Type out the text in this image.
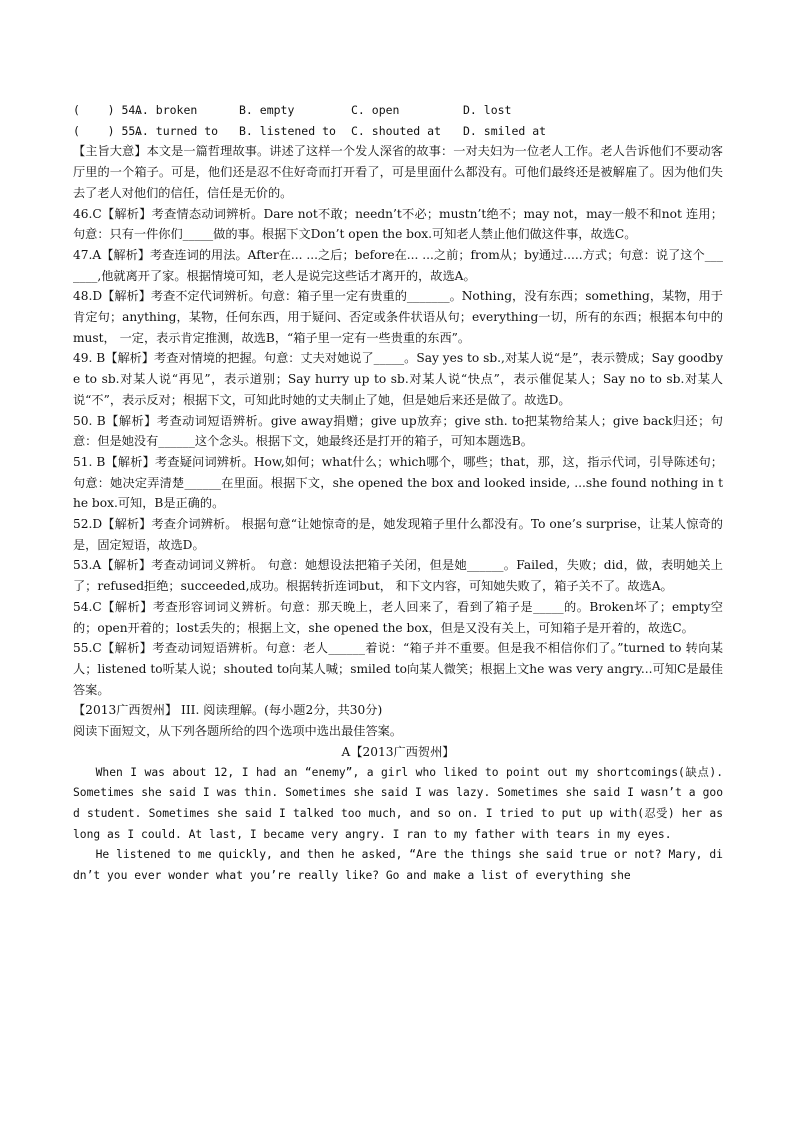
(    ) 54.
A. broken	B. empty	C. open	D. lost
(    ) 55.
A. turned to	B. listened to	C. shouted at	D. smiled at

【主旨大意】本文是一篇哲理故事。讲述了这样一个发人深省的故事：一对夫妇为一位老人工作。老人告诉他们不要动客厅里的一个箱子。可是，他们还是忍不住好奇而打开看了，可是里面什么都没有。可他们最终还是被解雇了。因为他们失去了老人对他们的信任，信任是无价的。

46.C【解析】考查情态动词辨析。Dare not不敢；needn’t不必；mustn’t绝不；may not，may一般不和not 连用；句意：只有一件你们_____做的事。根据下文Don’t open the box.可知老人禁止他们做这件事，故选C。

47.A【解析】考查连词的用法。After在... ...之后；before在... ...之前；from从；by通过.....方式；句意：说了这个_______,他就离开了家。根据情境可知，老人是说完这些话才离开的，故选A。

48.D【解析】考查不定代词辨析。句意：箱子里一定有贵重的_______。Nothing，没有东西；something，某物，用于肯定句；anything，某物，任何东西，用于疑问、否定或条件状语从句；everything一切，所有的东西；根据本句中的must， 一定，表示肯定推测，故选B，“箱子里一定有一些贵重的东西”。

49. B【解析】考查对情境的把握。句意：丈夫对她说了_____。Say yes to sb.,对某人说“是”，表示赞成；Say goodbye to sb.对某人说“再见”，表示道别；Say hurry up to sb.对某人说“快点”，表示催促某人；Say no to sb.对某人说“不”，表示反对；根据下文，可知此时她的丈夫制止了她，但是她后来还是做了。故选D。

50. B【解析】考查动词短语辨析。give away捐赠；give up放弃；give sth. to把某物给某人；give back归还；句意：但是她没有______这个念头。根据下文，她最终还是打开的箱子，可知本题选B。

51. B【解析】考查疑问词辨析。How,如何；what什么；which哪个，哪些；that，那，这，指示代词，引导陈述句；句意：她决定弄清楚______在里面。根据下文，she opened the box and looked inside, ...she found nothing in the box.可知，B是正确的。

52.D【解析】考查介词辨析。 根据句意“让她惊奇的是，她发现箱子里什么都没有。To one’s surprise，让某人惊奇的是，固定短语，故选D。

53.A【解析】考查动词词义辨析。 句意：她想设法把箱子关闭，但是她______。Failed，失败；did，做，表明她关上了；refused拒绝；succeeded,成功。根据转折连词but， 和下文内容，可知她失败了，箱子关不了。故选A。

54.C【解析】考查形容词词义辨析。句意：那天晚上，老人回来了，看到了箱子是_____的。Broken坏了；empty空的；open开着的；lost丢失的；根据上文，she opened the box，但是又没有关上，可知箱子是开着的，故选C。

55.C【解析】考查动词短语辨析。句意：老人______着说：“箱子并不重要。但是我不相信你们了。”turned to 转向某人；listened to听某人说；shouted to向某人喊；smiled to向某人微笑；根据上文he was very angry...可知C是最佳答案。

【2013广西贺州】 III. 阅读理解。(每小题2分，共30分)

阅读下面短文，从下列各题所给的四个选项中选出最佳答案。

A【2013广西贺州】

When I was about 12, I had an “enemy”, a girl who liked to point out my shortcomings(缺点). Sometimes she said I was thin. Sometimes she said I was lazy. Sometimes she said I wasn’t a good student. Sometimes she said I talked too much, and so on. I tried to put up with(忍受) her as long as I could. At last, I became very angry. I ran to my father with tears in my eyes.

He listened to me quickly, and then he asked, “Are the things she said true or not? Mary, didn’t you ever wonder what you’re really like? Go and make a list of everything she
